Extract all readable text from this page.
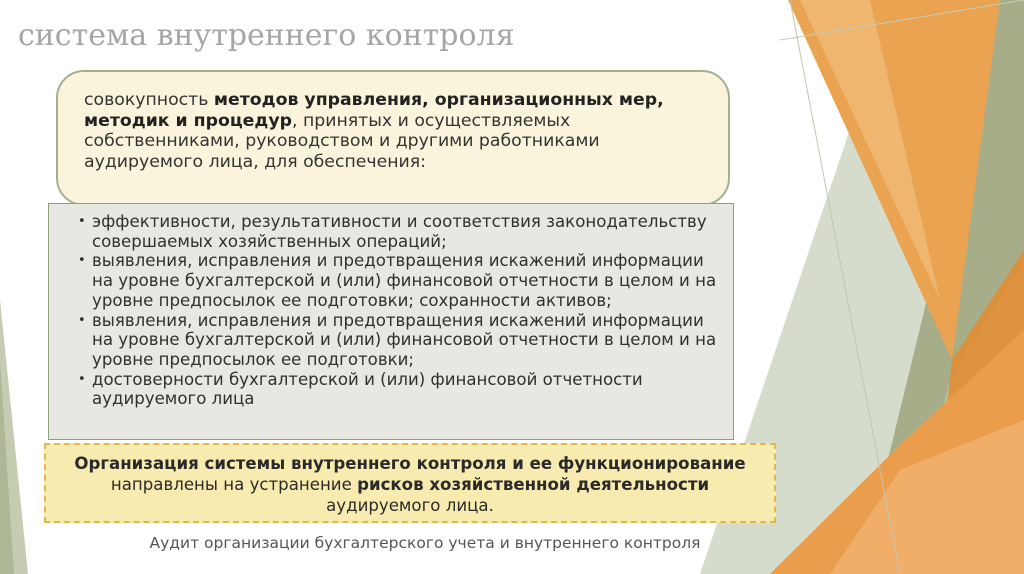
система внутреннего контроля
совокупность методов управления, организационных мер, методик и процедур, принятых и осуществляемых собственниками, руководством и другими работниками аудируемого лица, для обеспечения:
• эффективности, результативности и соответствия законодательству совершаемых хозяйственных операций;
• выявления, исправления и предотвращения искажений информации на уровне бухгалтерской и (или) финансовой отчетности в целом и на уровне предпосылок ее подготовки; сохранности активов;
• выявления, исправления и предотвращения искажений информации на уровне бухгалтерской и (или) финансовой отчетности в целом и на уровне предпосылок ее подготовки;
• достоверности бухгалтерской и (или) финансовой отчетности аудируемого лица
Организация системы внутреннего контроля и ее функционирование направлены на устранение рисков хозяйственной деятельности аудируемого лица.
Аудит организации бухгалтерского учета и внутреннего контроля
